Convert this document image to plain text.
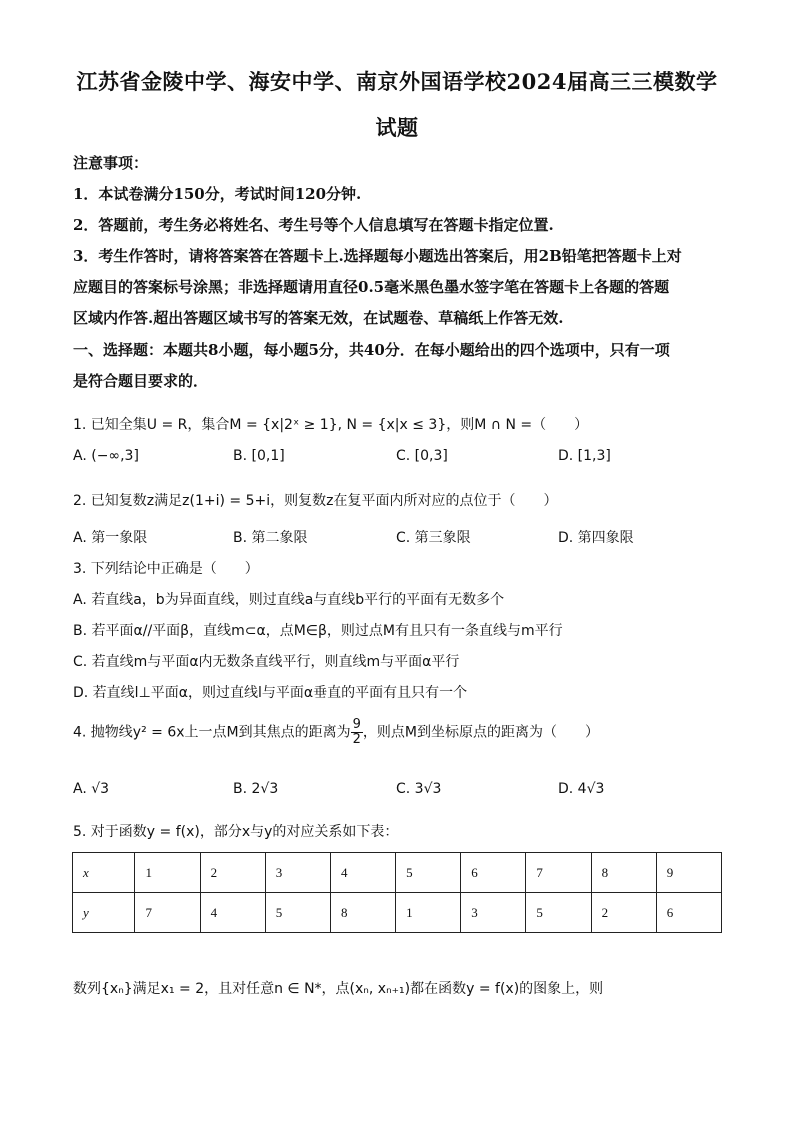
江苏省金陵中学、海安中学、南京外国语学校2024届高三三模数学
试题
注意事项：
1．本试卷满分150分，考试时间120分钟.
2．答题前，考生务必将姓名、考生号等个人信息填写在答题卡指定位置.
3．考生作答时，请将答案答在答题卡上.选择题每小题选出答案后，用2B铅笔把答题卡上对
应题目的答案标号涂黑；非选择题请用直径0.5毫米黑色墨水签字笔在答题卡上各题的答题
区域内作答.超出答题区域书写的答案无效，在试题卷、草稿纸上作答无效.
一、选择题：本题共8小题，每小题5分，共40分．在每小题给出的四个选项中，只有一项
是符合题目要求的．
1. 已知全集U = R，集合M = {x|2ˣ ≥ 1}, N = {x|x ≤ 3}，则M ∩ N =（　　）
A. (−∞,3]	B. [0,1]	C. [0,3]	D. [1,3]
2. 已知复数z满足z(1+i) = 5+i，则复数z在复平面内所对应的点位于（　　）
A. 第一象限	B. 第二象限	C. 第三象限	D. 第四象限
3. 下列结论中正确是（　　）
A. 若直线a，b为异面直线，则过直线a与直线b平行的平面有无数多个
B. 若平面α//平面β，直线m⊂α，点M∈β，则过点M有且只有一条直线与m平行
C. 若直线m与平面α内无数条直线平行，则直线m与平面α平行
D. 若直线l⊥平面α，则过直线l与平面α垂直的平面有且只有一个
4. 抛物线y² = 6x上一点M到其焦点的距离为 $\frac{9}{2}$ ，则点M到坐标原点的距离为（　　）
A. √3	B. 2√3	C. 3√3	D. 4√3
5. 对于函数y = f(x)，部分x与y的对应关系如下表：
x	1	2	3	4	5	6	7	8	9
y	7	4	5	8	1	3	5	2	6
数列{xₙ}满足x₁ = 2，且对任意n ∈ N*，点(xₙ, xₙ₊₁)都在函数y = f(x)的图象上，则
